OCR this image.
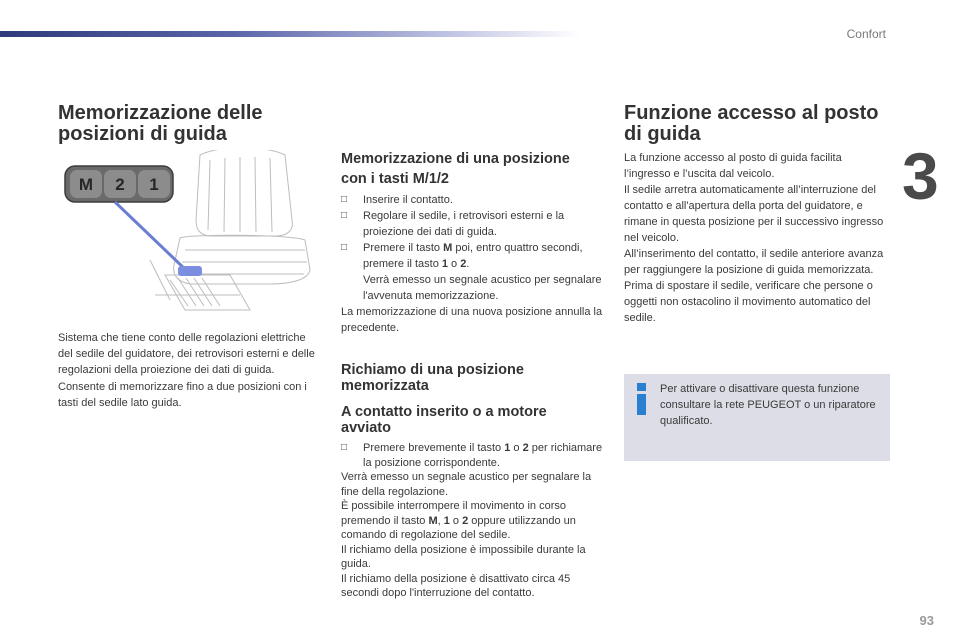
Confort
3
Memorizzazione delle
posizioni di guida
M 2 1
Sistema che tiene conto delle regolazioni elettriche del sedile del guidatore, dei retrovisori esterni e delle regolazioni della proiezione dei dati di guida. Consente di memorizzare fino a due posizioni con i tasti del sedile lato guida.
Memorizzazione di una posizione
con i tasti M/1/2
□ Inserire il contatto.
□ Regolare il sedile, i retrovisori esterni e la proiezione dei dati di guida.
□ Premere il tasto M poi, entro quattro secondi, premere il tasto 1 o 2.
Verrà emesso un segnale acustico per segnalare l'avvenuta memorizzazione.
La memorizzazione di una nuova posizione annulla la precedente.
Richiamo di una posizione
memorizzata
A contatto inserito o a motore
avviato
□ Premere brevemente il tasto 1 o 2 per richiamare la posizione corrispondente.
Verrà emesso un segnale acustico per segnalare la fine della regolazione.
È possibile interrompere il movimento in corso premendo il tasto M, 1 o 2 oppure utilizzando un comando di regolazione del sedile.
Il richiamo della posizione è impossibile durante la guida.
Il richiamo della posizione è disattivato circa 45 secondi dopo l'interruzione del contatto.
Funzione accesso al posto
di guida
La funzione accesso al posto di guida facilita l’ingresso e l’uscita dal veicolo.
Il sedile arretra automaticamente all’interruzione del contatto e all'apertura della porta del guidatore, e rimane in questa posizione per il successivo ingresso nel veicolo.
All’inserimento del contatto, il sedile anteriore avanza per raggiungere la posizione di guida memorizzata.
Prima di spostare il sedile, verificare che persone o oggetti non ostacolino il movimento automatico del sedile.
Per attivare o disattivare questa funzione consultare la rete PEUGEOT o un riparatore qualificato.
93
